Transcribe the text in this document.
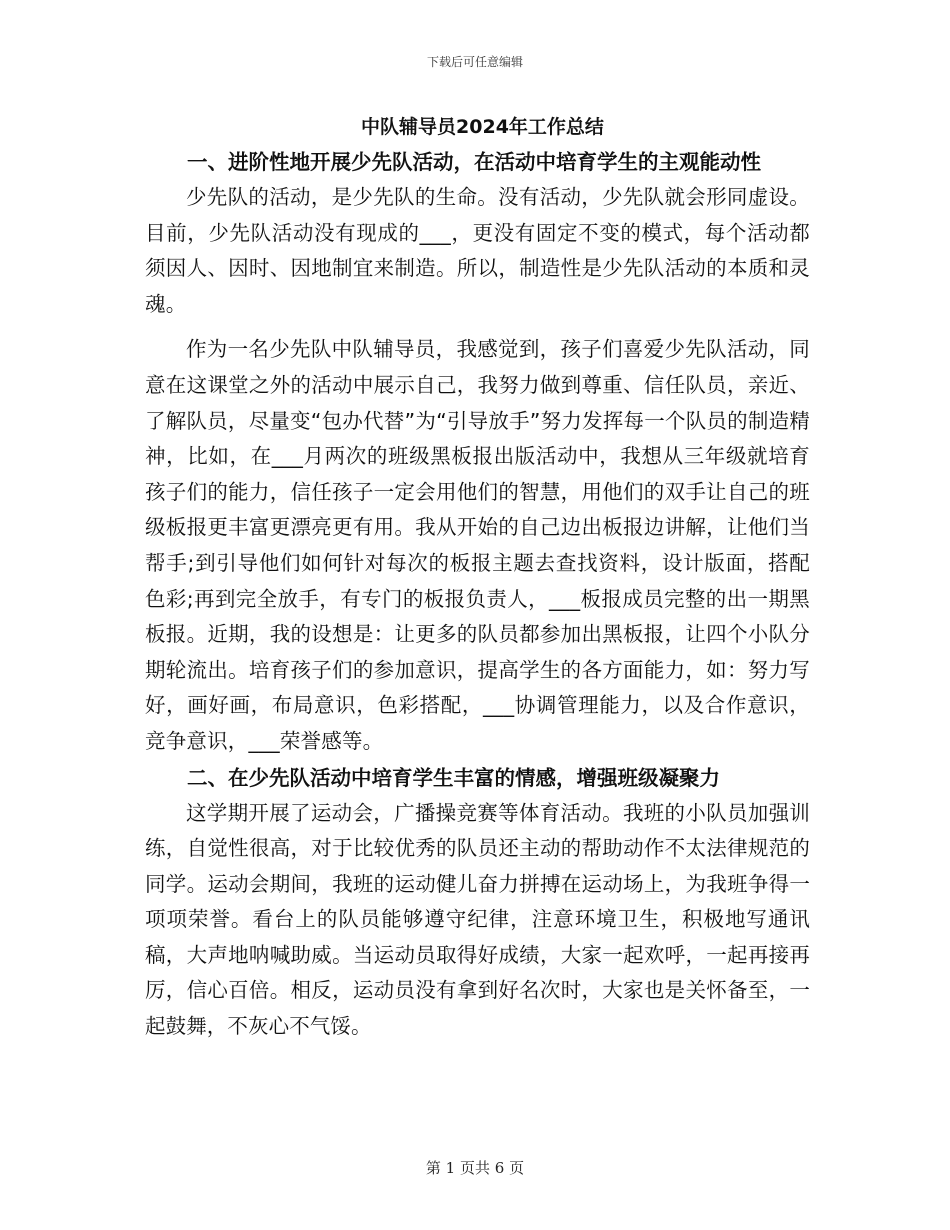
下载后可任意编辑
中队辅导员2024年工作总结
一、进阶性地开展少先队活动，在活动中培育学生的主观能动性

少先队的活动，是少先队的生命。没有活动，少先队就会形同虚设。目前，少先队活动没有现成的___，更没有固定不变的模式，每个活动都须因人、因时、因地制宜来制造。所以，制造性是少先队活动的本质和灵魂。

作为一名少先队中队辅导员，我感觉到，孩子们喜爱少先队活动，同意在这课堂之外的活动中展示自己，我努力做到尊重、信任队员，亲近、了解队员，尽量变“包办代替”为“引导放手”努力发挥每一个队员的制造精神，比如，在___月两次的班级黑板报出版活动中，我想从三年级就培育孩子们的能力，信任孩子一定会用他们的智慧，用他们的双手让自己的班级板报更丰富更漂亮更有用。我从开始的自己边出板报边讲解，让他们当帮手;到引导他们如何针对每次的板报主题去查找资料，设计版面，搭配色彩;再到完全放手，有专门的板报负责人，___板报成员完整的出一期黑板报。近期，我的设想是：让更多的队员都参加出黑板报，让四个小队分期轮流出。培育孩子们的参加意识，提高学生的各方面能力，如：努力写好，画好画，布局意识，色彩搭配，___协调管理能力，以及合作意识，竞争意识，___荣誉感等。

二、在少先队活动中培育学生丰富的情感，增强班级凝聚力

这学期开展了运动会，广播操竞赛等体育活动。我班的小队员加强训练，自觉性很高，对于比较优秀的队员还主动的帮助动作不太法律规范的同学。运动会期间，我班的运动健儿奋力拼搏在运动场上，为我班争得一项项荣誉。看台上的队员能够遵守纪律，注意环境卫生，积极地写通讯稿，大声地呐喊助威。当运动员取得好成绩，大家一起欢呼，一起再接再厉，信心百倍。相反，运动员没有拿到好名次时，大家也是关怀备至，一起鼓舞，不灰心不气馁。

第 1 页共 6 页
